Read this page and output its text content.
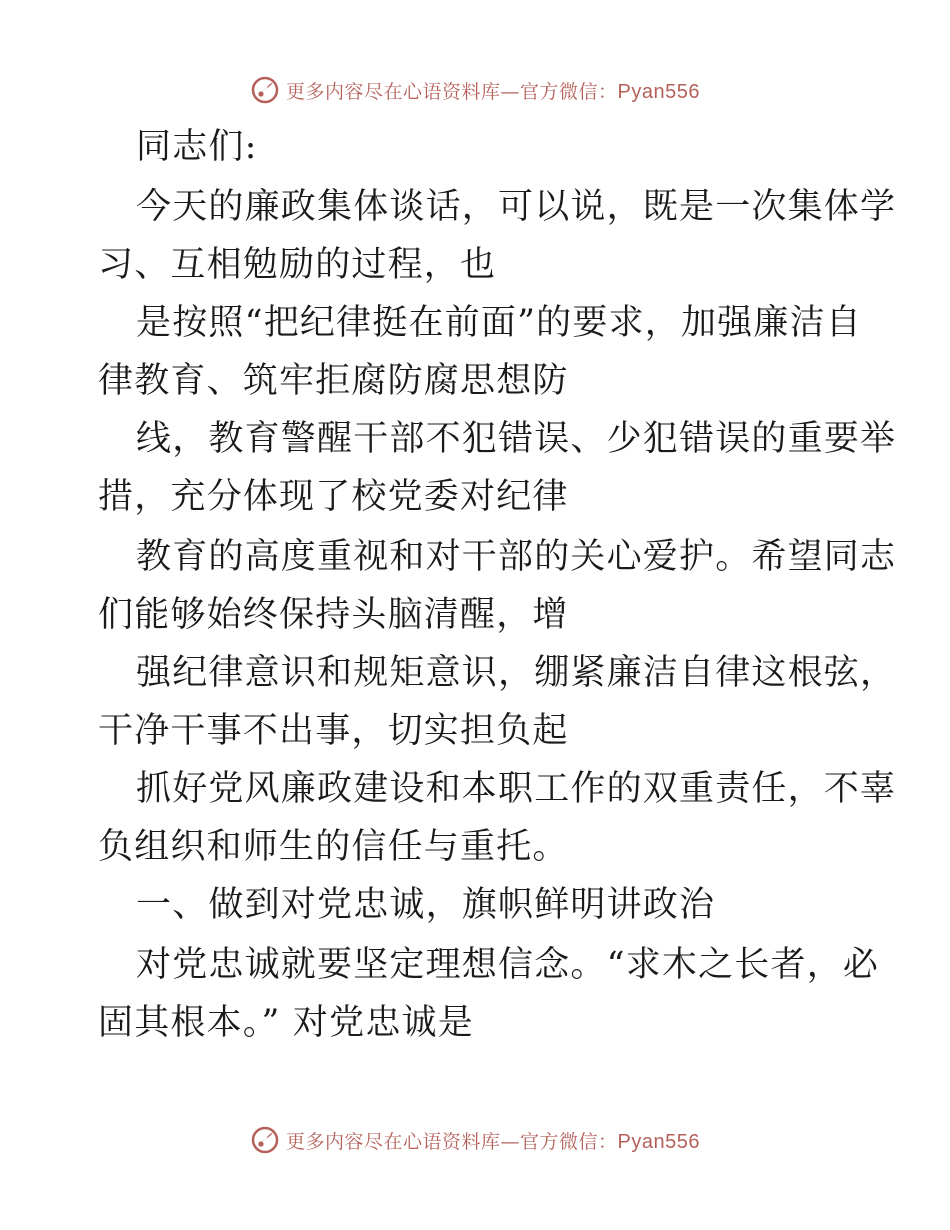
更多内容尽在心语资料库—官方微信：Pyan556
同志们:
今天的廉政集体谈话，可以说，既是一次集体学
习、互相勉励的过程，也
是按照“把纪律挺在前面”的要求，加强廉洁自
律教育、筑牢拒腐防腐思想防
线，教育警醒干部不犯错误、少犯错误的重要举
措，充分体现了校党委对纪律
教育的高度重视和对干部的关心爱护。希望同志
们能够始终保持头脑清醒，增
强纪律意识和规矩意识，绷紧廉洁自律这根弦，
干净干事不出事，切实担负起
抓好党风廉政建设和本职工作的双重责任，不辜
负组织和师生的信任与重托。
一、做到对党忠诚，旗帜鲜明讲政治
对党忠诚就要坚定理想信念。“求木之长者，必
固其根本。” 对党忠诚是
更多内容尽在心语资料库—官方微信：Pyan556
